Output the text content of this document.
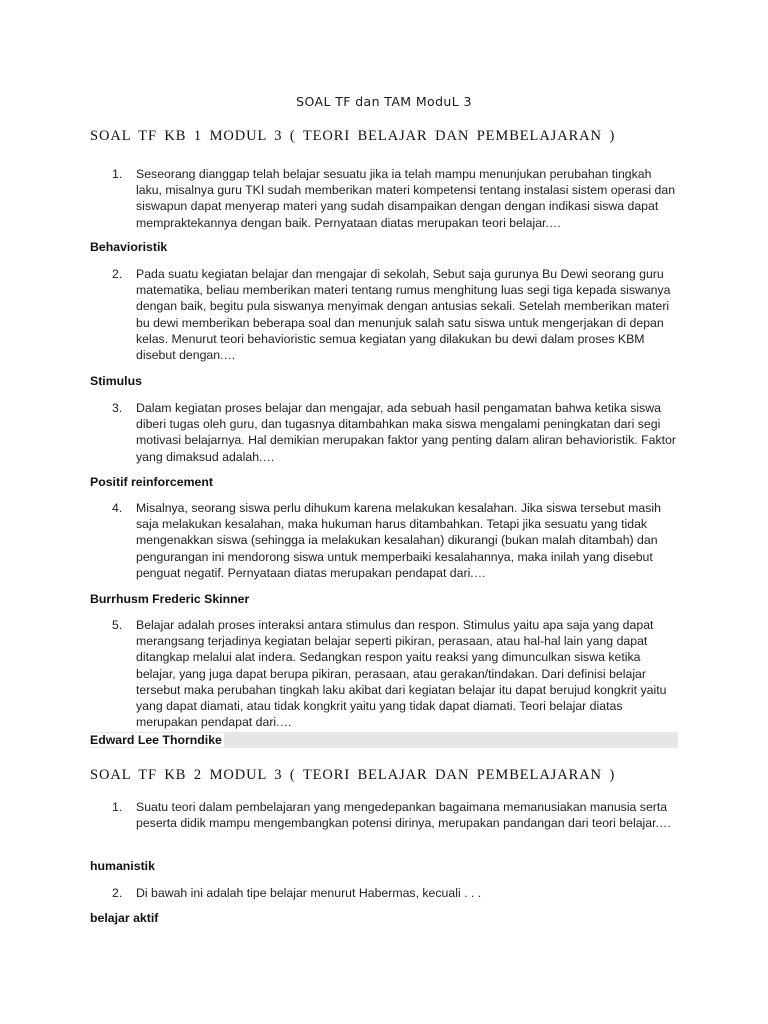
SOAL TF dan TAM ModuL 3
SOAL TF KB 1 MODUL 3 ( TEORI BELAJAR DAN PEMBELAJARAN )
1. Seseorang dianggap telah belajar sesuatu jika ia telah mampu menunjukan perubahan tingkah laku, misalnya guru TKI sudah memberikan materi kompetensi tentang instalasi sistem operasi dan siswapun dapat menyerap materi yang sudah disampaikan dengan dengan indikasi siswa dapat mempraktekannya dengan baik. Pernyataan diatas merupakan teori belajar.…
Behavioristik
2. Pada suatu kegiatan belajar dan mengajar di sekolah, Sebut saja gurunya Bu Dewi seorang guru matematika, beliau memberikan materi tentang rumus menghitung luas segi tiga kepada siswanya dengan baik, begitu pula siswanya menyimak dengan antusias sekali. Setelah memberikan materi bu dewi memberikan beberapa soal dan menunjuk salah satu siswa untuk mengerjakan di depan kelas. Menurut teori behavioristic semua kegiatan yang dilakukan bu dewi dalam proses KBM disebut dengan.…
Stimulus
3. Dalam kegiatan proses belajar dan mengajar, ada sebuah hasil pengamatan bahwa ketika siswa diberi tugas oleh guru, dan tugasnya ditambahkan maka siswa mengalami peningkatan dari segi motivasi belajarnya. Hal demikian merupakan faktor yang penting dalam aliran behavioristik. Faktor yang dimaksud adalah.…
Positif reinforcement
4. Misalnya, seorang siswa perlu dihukum karena melakukan kesalahan. Jika siswa tersebut masih saja melakukan kesalahan, maka hukuman harus ditambahkan. Tetapi jika sesuatu yang tidak mengenakkan siswa (sehingga ia melakukan kesalahan) dikurangi (bukan malah ditambah) dan pengurangan ini mendorong siswa untuk memperbaiki kesalahannya, maka inilah yang disebut penguat negatif. Pernyataan diatas merupakan pendapat dari.…
Burrhusm Frederic Skinner
5. Belajar adalah proses interaksi antara stimulus dan respon. Stimulus yaitu apa saja yang dapat merangsang terjadinya kegiatan belajar seperti pikiran, perasaan, atau hal-hal lain yang dapat ditangkap melalui alat indera. Sedangkan respon yaitu reaksi yang dimunculkan siswa ketika belajar, yang juga dapat berupa pikiran, perasaan, atau gerakan/tindakan. Dari definisi belajar tersebut maka perubahan tingkah laku akibat dari kegiatan belajar itu dapat berujud kongkrit yaitu yang dapat diamati, atau tidak kongkrit yaitu yang tidak dapat diamati. Teori belajar diatas merupakan pendapat dari.…
Edward Lee Thorndike
SOAL TF KB 2 MODUL 3 ( TEORI BELAJAR DAN PEMBELAJARAN )
1. Suatu teori dalam pembelajaran yang mengedepankan bagaimana memanusiakan manusia serta peserta didik mampu mengembangkan potensi dirinya, merupakan pandangan dari teori belajar.…
humanistik
2. Di bawah ini adalah tipe belajar menurut Habermas, kecuali . . .
belajar aktif
